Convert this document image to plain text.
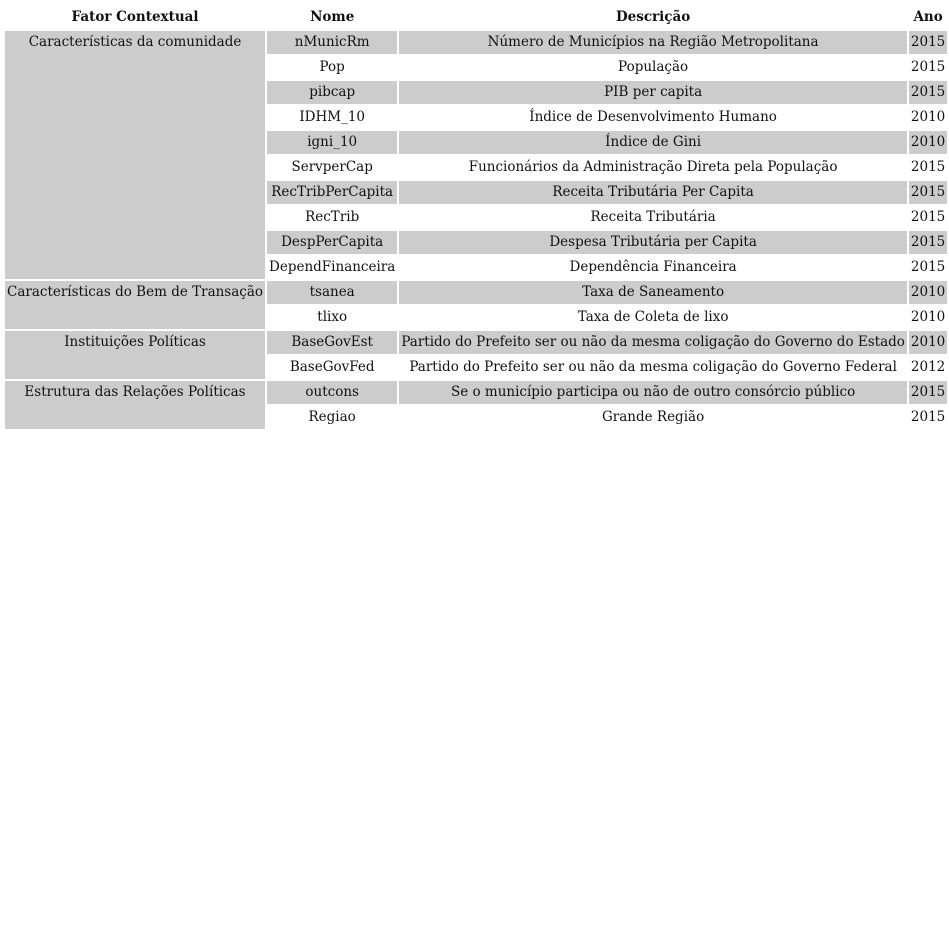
Fator Contextual	Nome	Descrição	Ano
Características da comunidade	nMunicRm	Número de Municípios na Região Metropolitana	2015
	Pop	População	2015
	pibcap	PIB per capita	2015
	IDHM_10	Índice de Desenvolvimento Humano	2010
	igni_10	Índice de Gini	2010
	ServperCap	Funcionários da Administração Direta pela População	2015
	RecTribPerCapita	Receita Tributária Per Capita	2015
	RecTrib	Receita Tributária	2015
	DespPerCapita	Despesa Tributária per Capita	2015
	DependFinanceira	Dependência Financeira	2015
Características do Bem de Transação	tsanea	Taxa de Saneamento	2010
	tlixo	Taxa de Coleta de lixo	2010
Instituições Políticas	BaseGovEst	Partido do Prefeito ser ou não da mesma coligação do Governo do Estado	2010
	BaseGovFed	Partido do Prefeito ser ou não da mesma coligação do Governo Federal	2012
Estrutura das Relações Políticas	outcons	Se o município participa ou não de outro consórcio público	2015
	Regiao	Grande Região	2015
